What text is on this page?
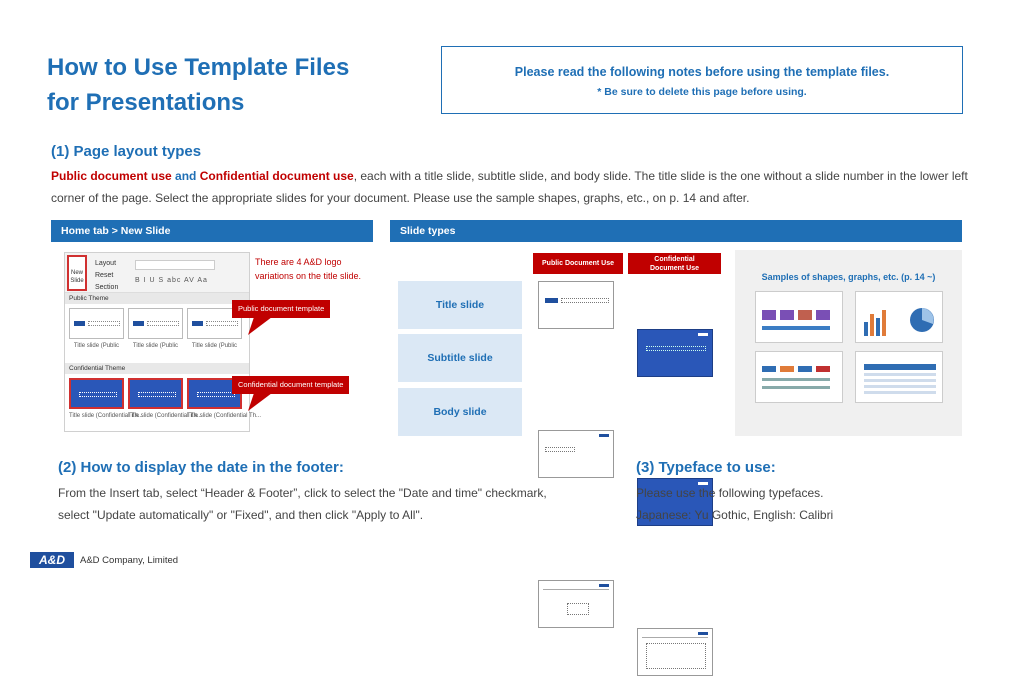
How to Use Template Files
for Presentations
Please read the following notes before using the template files.
* Be sure to delete this page before using.
(1) Page layout types
Public document use and Confidential document use, each with a title slide, subtitle slide, and body slide. The title slide is the one without a slide number in the lower left corner of the page. Select the appropriate slides for your document. Please use the sample shapes, graphs, etc., on p. 14 and after.
Home tab > New Slide	Slide types
New Slide
Layout
Reset
Section
B I U S abc AV Aa
Public Theme
Title slide (Public	Title slide (Public	Title slide (Public
Confidential Theme
Title slide (Confidential Th...
Title slide (Confidential Th...
Title slide (Confidential Th...
There are 4 A&D logo
variations on the title slide.
Public document template
Confidential document template
Public Document Use
Confidential
Document Use
Title slide
Subtitle slide
Body slide
Samples of shapes, graphs, etc. (p. 14 ~)
(2) How to display the date in the footer:
From the Insert tab, select “Header & Footer”, click to select the "Date and time" checkmark,
select "Update automatically" or "Fixed", and then click "Apply to All".
(3) Typeface to use:
Please use the following typefaces.
Japanese: Yu Gothic, English: Calibri
A&D	A&D Company, Limited
